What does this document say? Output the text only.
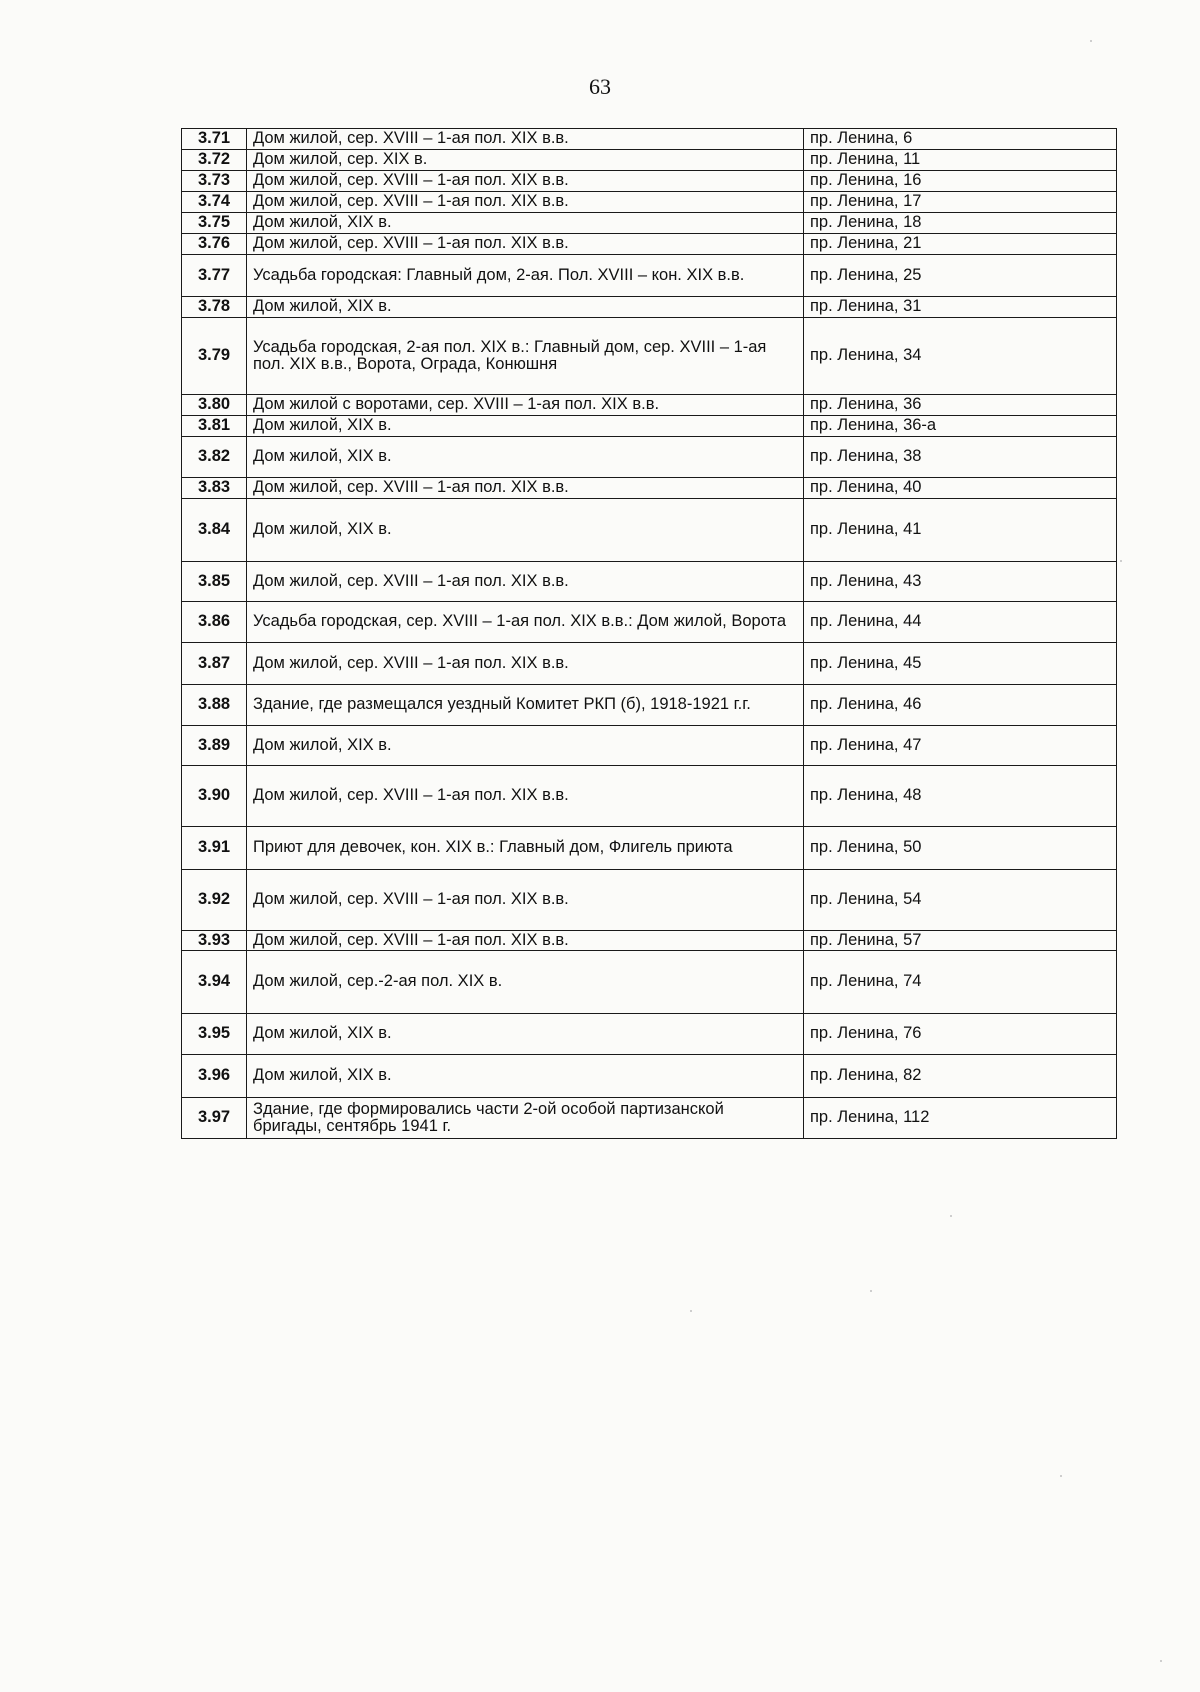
63
3.71	Дом жилой, сер. XVIII – 1-ая пол. XIX в.в.	пр. Ленина, 6
3.72	Дом жилой, сер. XIX в.	пр. Ленина, 11
3.73	Дом жилой, сер. XVIII – 1-ая пол. XIX в.в.	пр. Ленина, 16
3.74	Дом жилой, сер. XVIII – 1-ая пол. XIX в.в.	пр. Ленина, 17
3.75	Дом жилой, XIX в.	пр. Ленина, 18
3.76	Дом жилой, сер. XVIII – 1-ая пол. XIX в.в.	пр. Ленина, 21
3.77	Усадьба городская: Главный дом, 2-ая. Пол. XVIII – кон. XIX в.в.	пр. Ленина, 25
3.78	Дом жилой, XIX в.	пр. Ленина, 31
3.79	Усадьба городская, 2-ая пол. XIX в.: Главный дом, сер. XVIII – 1-ая пол. XIX в.в., Ворота, Ограда, Конюшня	пр. Ленина, 34
3.80	Дом жилой с воротами, сер. XVIII – 1-ая пол. XIX в.в.	пр. Ленина, 36
3.81	Дом жилой, XIX в.	пр. Ленина, 36-а
3.82	Дом жилой, XIX в.	пр. Ленина, 38
3.83	Дом жилой, сер. XVIII – 1-ая пол. XIX в.в.	пр. Ленина, 40
3.84	Дом жилой, XIX в.	пр. Ленина, 41
3.85	Дом жилой, сер. XVIII – 1-ая пол. XIX в.в.	пр. Ленина, 43
3.86	Усадьба городская, сер. XVIII – 1-ая пол. XIX в.в.: Дом жилой, Ворота	пр. Ленина, 44
3.87	Дом жилой, сер. XVIII – 1-ая пол. XIX в.в.	пр. Ленина, 45
3.88	Здание, где размещался уездный Комитет РКП (б), 1918-1921 г.г.	пр. Ленина, 46
3.89	Дом жилой, XIX в.	пр. Ленина, 47
3.90	Дом жилой, сер. XVIII – 1-ая пол. XIX в.в.	пр. Ленина, 48
3.91	Приют для девочек, кон. XIX в.: Главный дом, Флигель приюта	пр. Ленина, 50
3.92	Дом жилой, сер. XVIII – 1-ая пол. XIX в.в.	пр. Ленина, 54
3.93	Дом жилой, сер. XVIII – 1-ая пол. XIX в.в.	пр. Ленина, 57
3.94	Дом жилой, сер.-2-ая пол. XIX в.	пр. Ленина, 74
3.95	Дом жилой, XIX в.	пр. Ленина, 76
3.96	Дом жилой, XIX в.	пр. Ленина, 82
3.97	Здание, где формировались части 2-ой особой партизанской бригады, сентябрь 1941 г.	пр. Ленина, 112
